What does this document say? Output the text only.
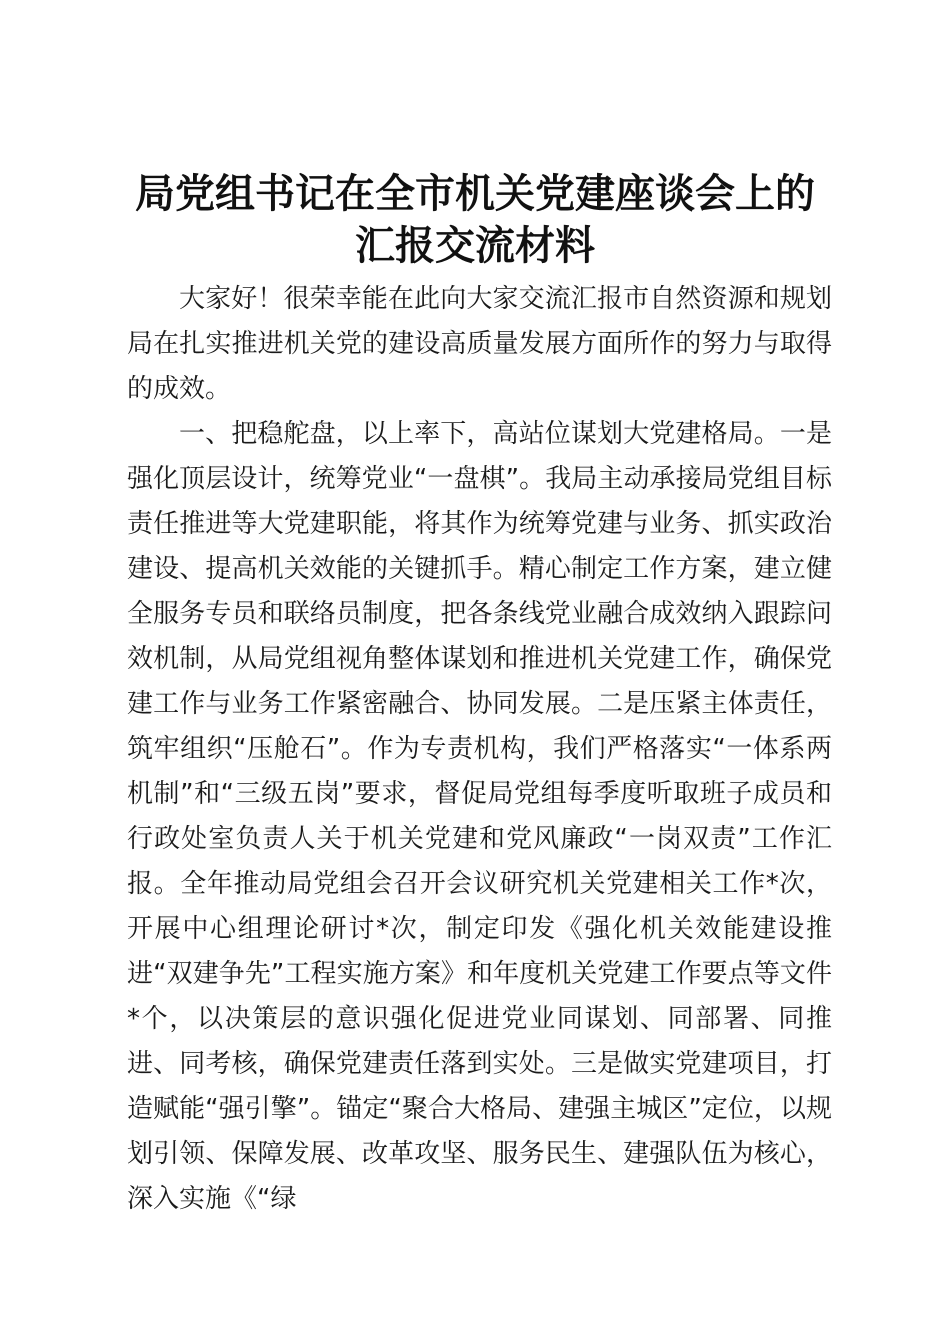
局党组书记在全市机关党建座谈会上的
汇报交流材料

大家好！很荣幸能在此向大家交流汇报市自然资源和规划局在扎实推进机关党的建设高质量发展方面所作的努力与取得的成效。

一、把稳舵盘，以上率下，高站位谋划大党建格局。一是强化顶层设计，统筹党业“一盘棋”。我局主动承接局党组目标责任推进等大党建职能，将其作为统筹党建与业务、抓实政治建设、提高机关效能的关键抓手。精心制定工作方案，建立健全服务专员和联络员制度，把各条线党业融合成效纳入跟踪问效机制，从局党组视角整体谋划和推进机关党建工作，确保党建工作与业务工作紧密融合、协同发展。二是压紧主体责任，筑牢组织“压舱石”。作为专责机构，我们严格落实“一体系两机制”和“三级五岗”要求，督促局党组每季度听取班子成员和行政处室负责人关于机关党建和党风廉政“一岗双责”工作汇报。全年推动局党组会召开会议研究机关党建相关工作*次，开展中心组理论研讨*次，制定印发《强化机关效能建设推进“双建争先”工程实施方案》和年度机关党建工作要点等文件*个，以决策层的意识强化促进党业同谋划、同部署、同推进、同考核，确保党建责任落到实处。三是做实党建项目，打造赋能“强引擎”。锚定“聚合大格局、建强主城区”定位，以规划引领、保障发展、改革攻坚、服务民生、建强队伍为核心，深入实施《“绿
